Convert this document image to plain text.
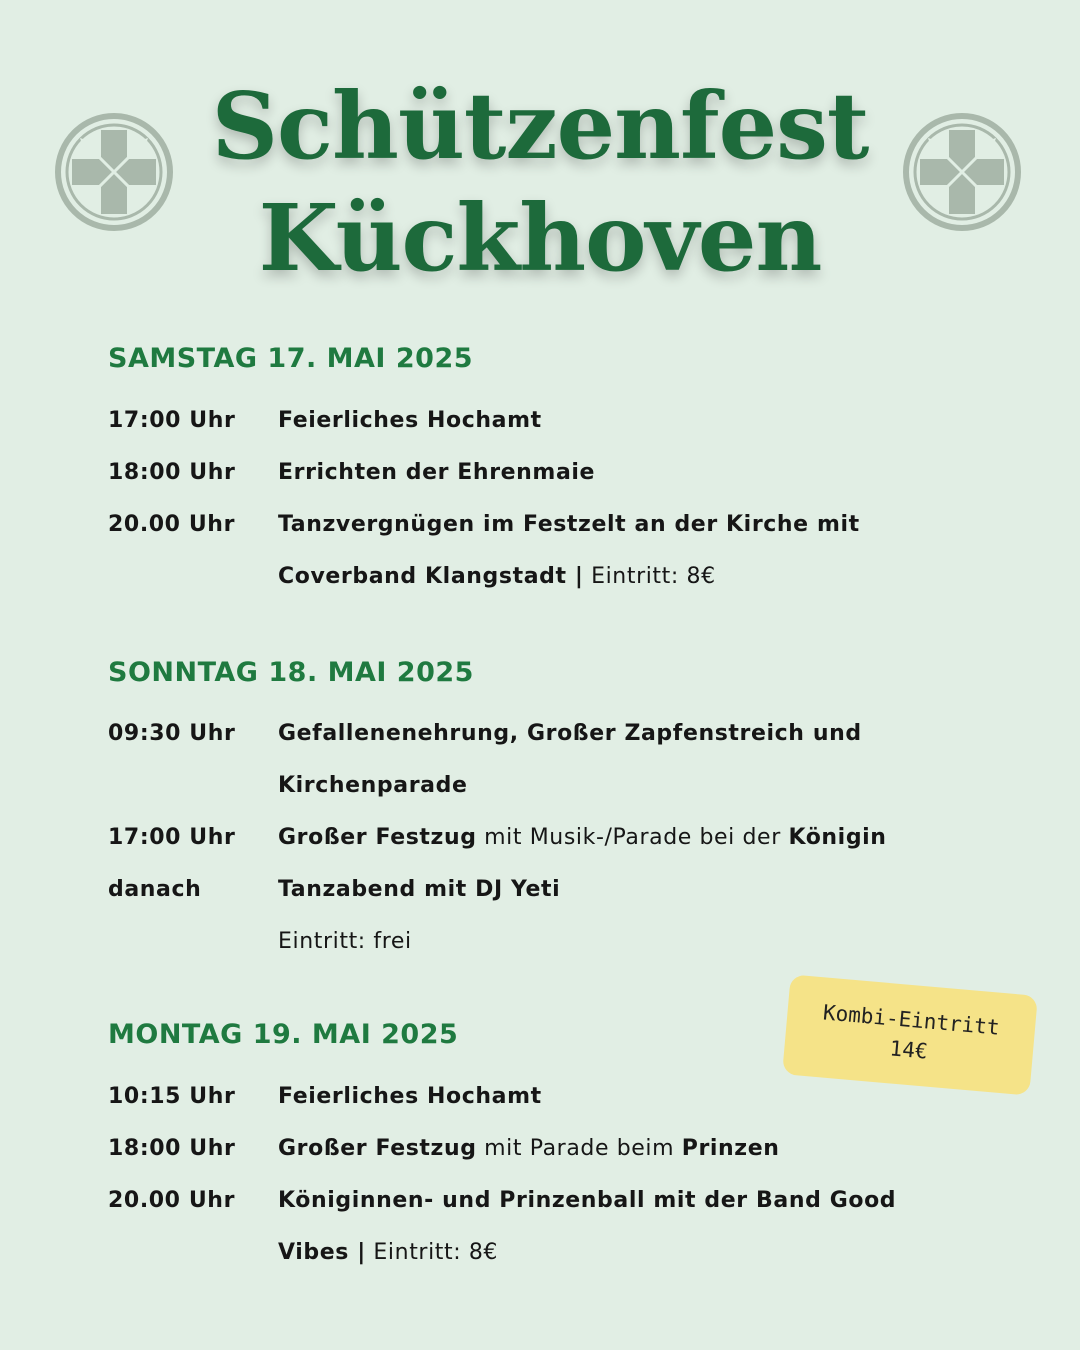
Schützenfest
Kückhoven
SAMSTAG 17. MAI 2025
17:00 Uhr Feierliches Hochamt
18:00 Uhr Errichten der Ehrenmaie
20.00 Uhr Tanzvergnügen im Festzelt an der Kirche mit
Coverband Klangstadt | Eintritt: 8€
SONNTAG 18. MAI 2025
09:30 Uhr Gefallenenehrung, Großer Zapfenstreich und
Kirchenparade
17:00 Uhr Großer Festzug mit Musik-/Parade bei der Königin
danach	Tanzabend mit DJ Yeti
Eintritt: frei
Kombi-Eintritt
14€
MONTAG 19. MAI 2025
10:15 Uhr Feierliches Hochamt
18:00 Uhr Großer Festzug mit Parade beim Prinzen
20.00 Uhr Königinnen- und Prinzenball mit der Band Good
Vibes | Eintritt: 8€
